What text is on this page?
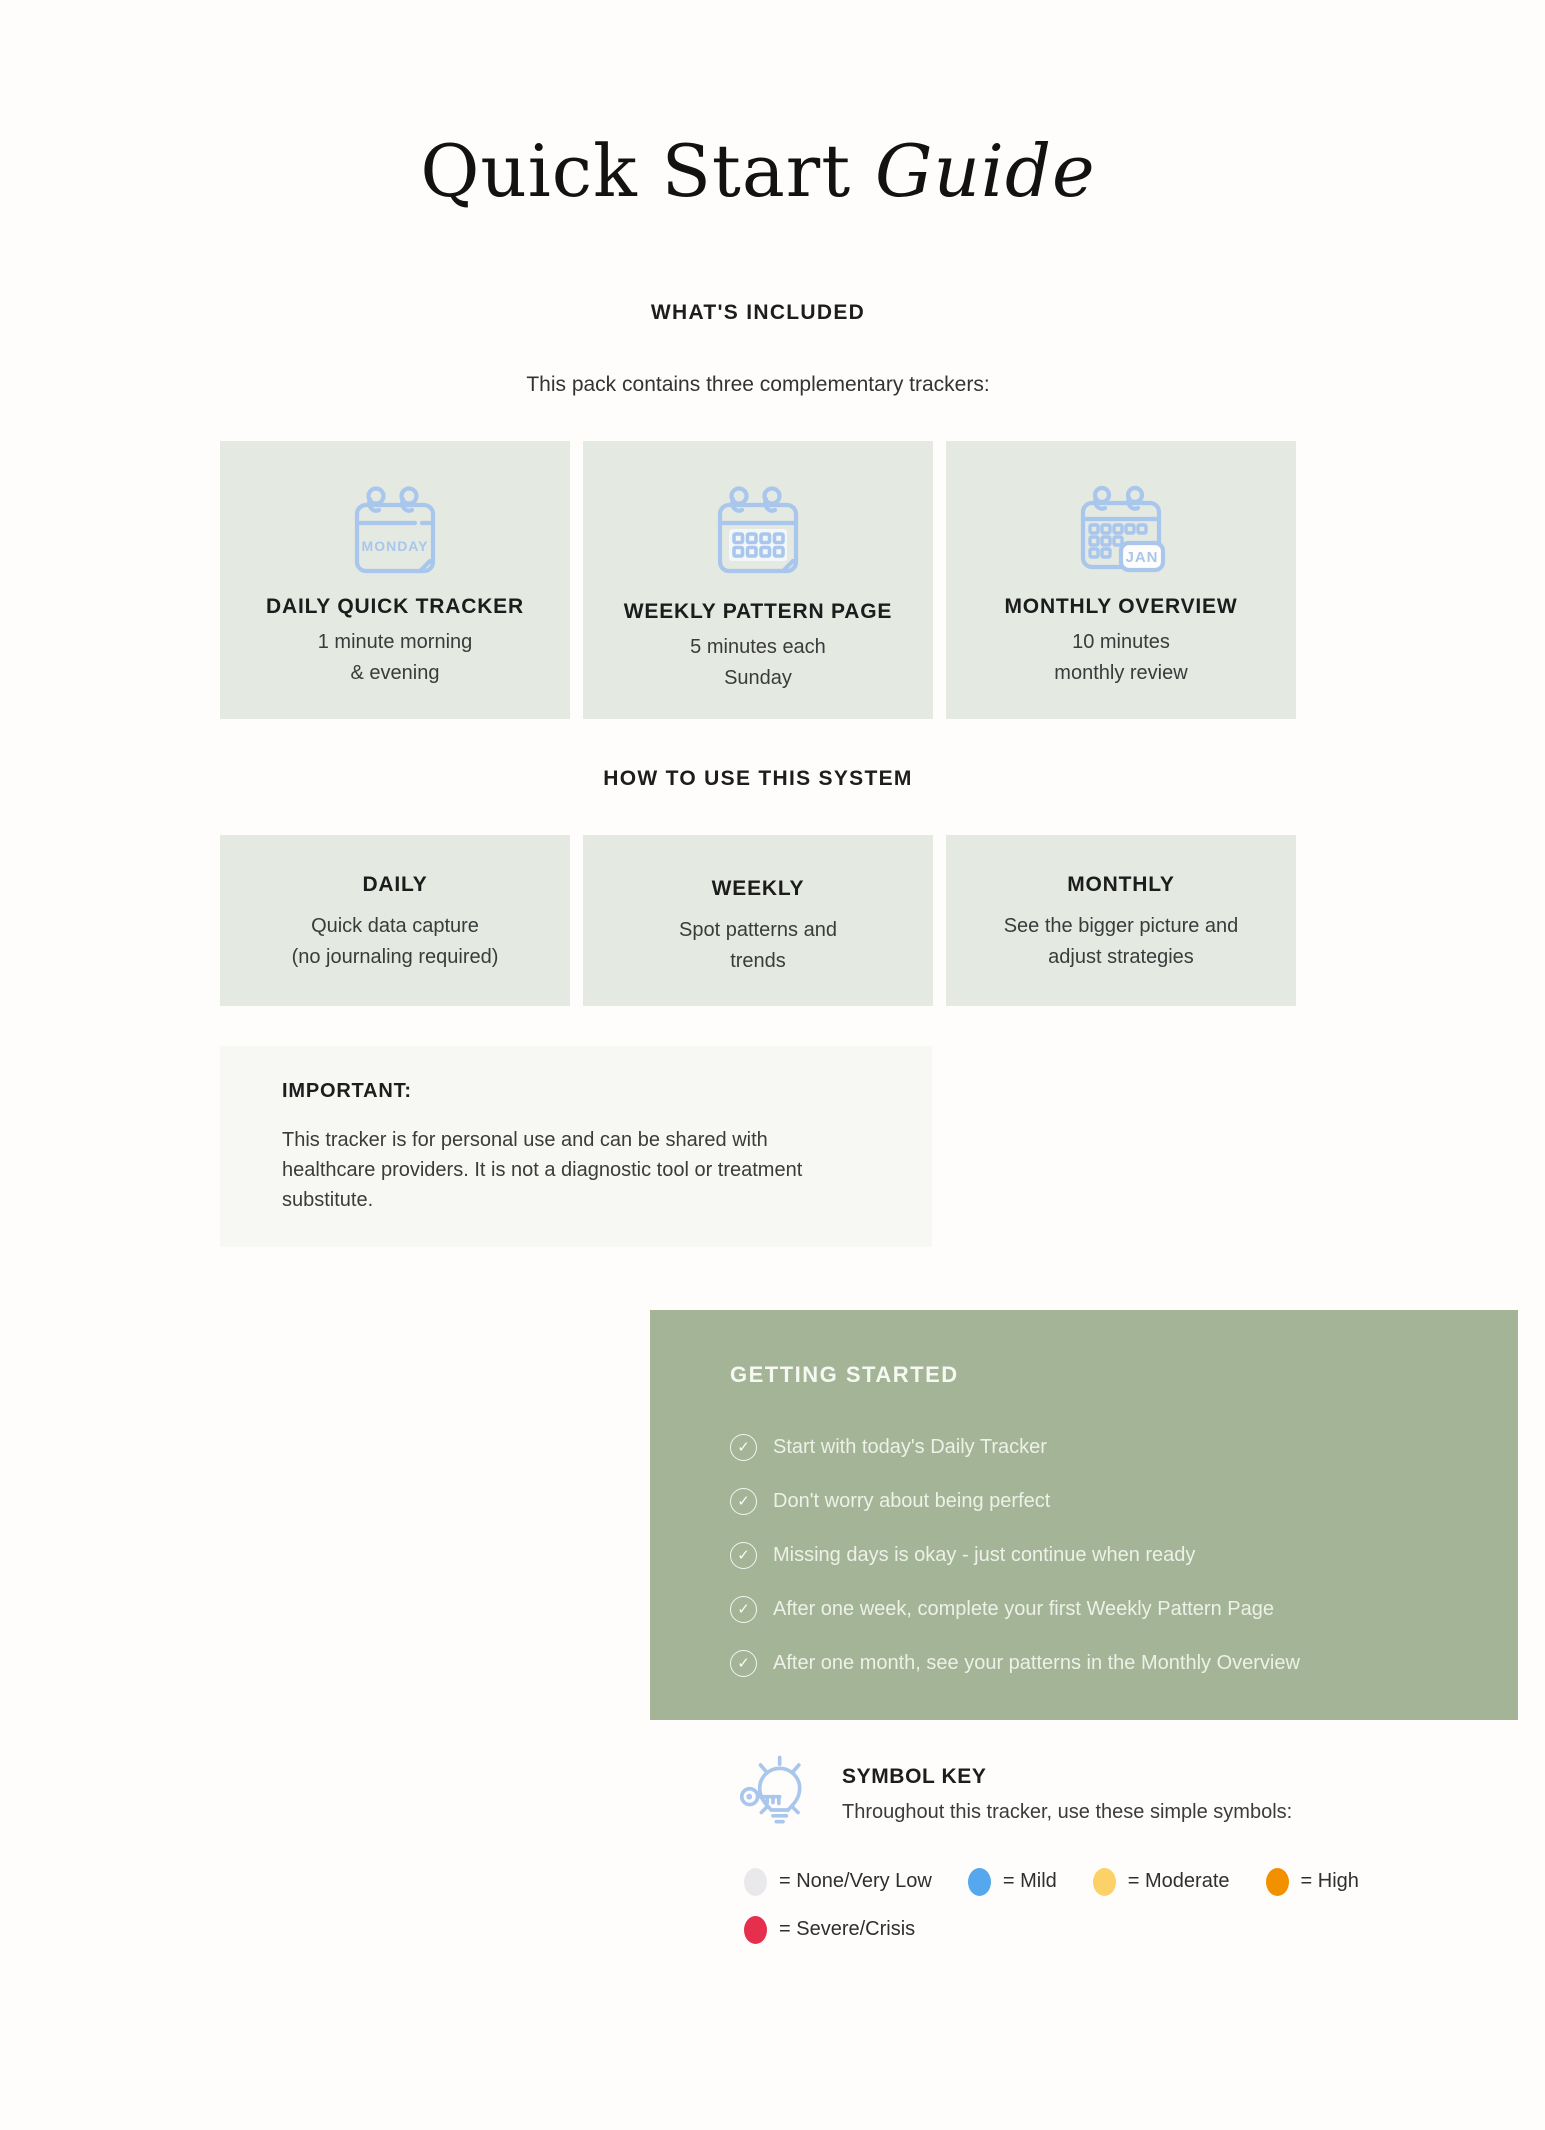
Quick Start Guide
WHAT'S INCLUDED

This pack contains three complementary trackers:

MONDAY
DAILY QUICK TRACKER
1 minute morning
& evening
WEEKLY PATTERN PAGE
5 minutes each
Sunday
JAN
MONTHLY OVERVIEW
10 minutes
monthly review
HOW TO USE THIS SYSTEM
DAILY
Quick data capture
(no journaling required)
WEEKLY
Spot patterns and
trends
MONTHLY
See the bigger picture and
adjust strategies

IMPORTANT:

This tracker is for personal use and can be shared with healthcare providers. It is not a diagnostic tool or treatment substitute.

GETTING STARTED
✓	Start with today's Daily Tracker
✓	Don't worry about being perfect
✓	Missing days is okay - just continue when ready
✓	After one week, complete your first Weekly Pattern Page
✓	After one month, see your patterns in the Monthly Overview
SYMBOL KEY

Throughout this tracker, use these simple symbols:

= None/Very Low	= Mild	= Moderate	= High
= Severe/Crisis
